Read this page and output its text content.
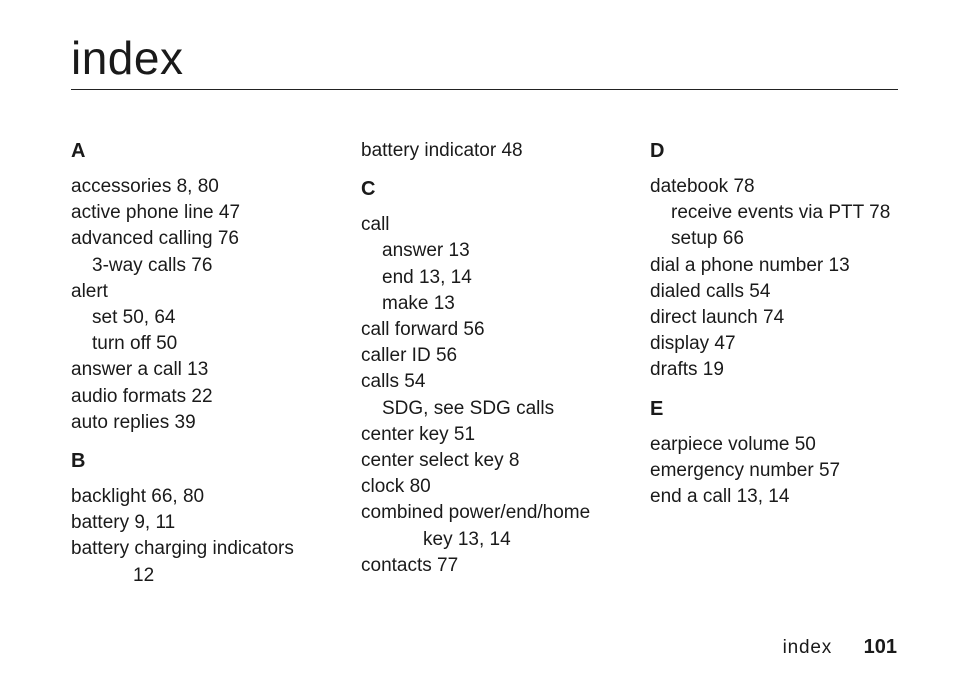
index
A
accessories 8, 80
active phone line 47
advanced calling 76
3-way calls 76
alert
set 50, 64
turn off 50
answer a call 13
audio formats 22
auto replies 39
B
backlight 66, 80
battery 9, 11
battery charging indicators
12
battery indicator 48
C
call
answer 13
end 13, 14
make 13
call forward 56
caller ID 56
calls 54
SDG, see SDG calls
center key 51
center select key 8
clock 80
combined power/end/home
key 13, 14
contacts 77
D
datebook 78
receive events via PTT 78
setup 66
dial a phone number 13
dialed calls 54
direct launch 74
display 47
drafts 19
E
earpiece volume 50
emergency number 57
end a call 13, 14
index 101
